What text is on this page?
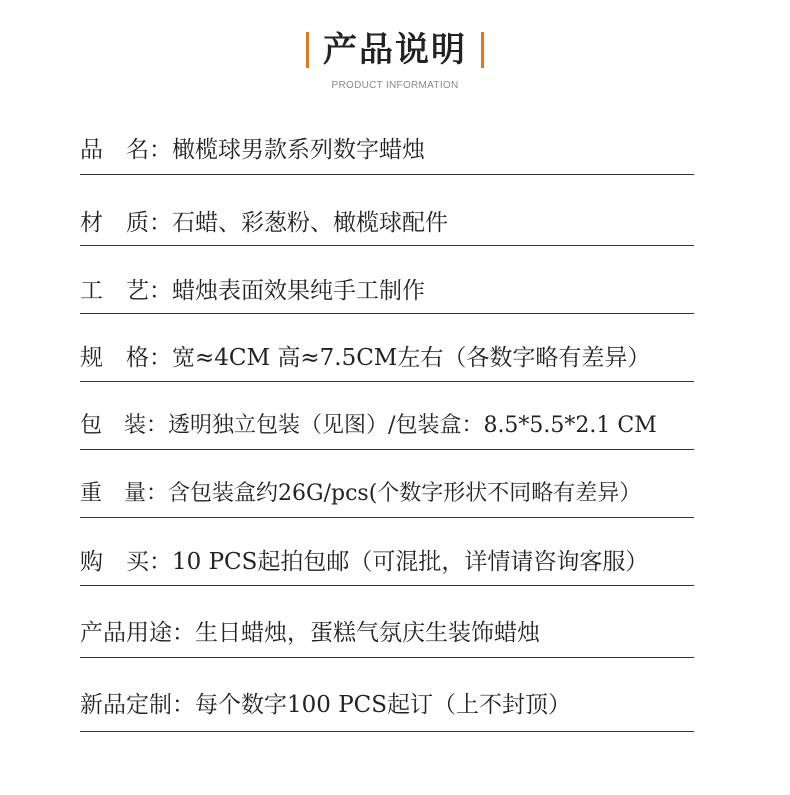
产品说明
PRODUCT INFORMATION
品　名：橄榄球男款系列数字蜡烛
材　质：石蜡、彩葱粉、橄榄球配件
工　艺：蜡烛表面效果纯手工制作
规　格：宽≈4CM 高≈7.5CM左右（各数字略有差异）
包　装：透明独立包装（见图）/包装盒：8.5*5.5*2.1 CM
重　量：含包装盒约26G/pcs(个数字形状不同略有差异）
购　买：10 PCS起拍包邮（可混批，详情请咨询客服）
产品用途：生日蜡烛，蛋糕气氛庆生装饰蜡烛
新品定制：每个数字100 PCS起订（上不封顶）
